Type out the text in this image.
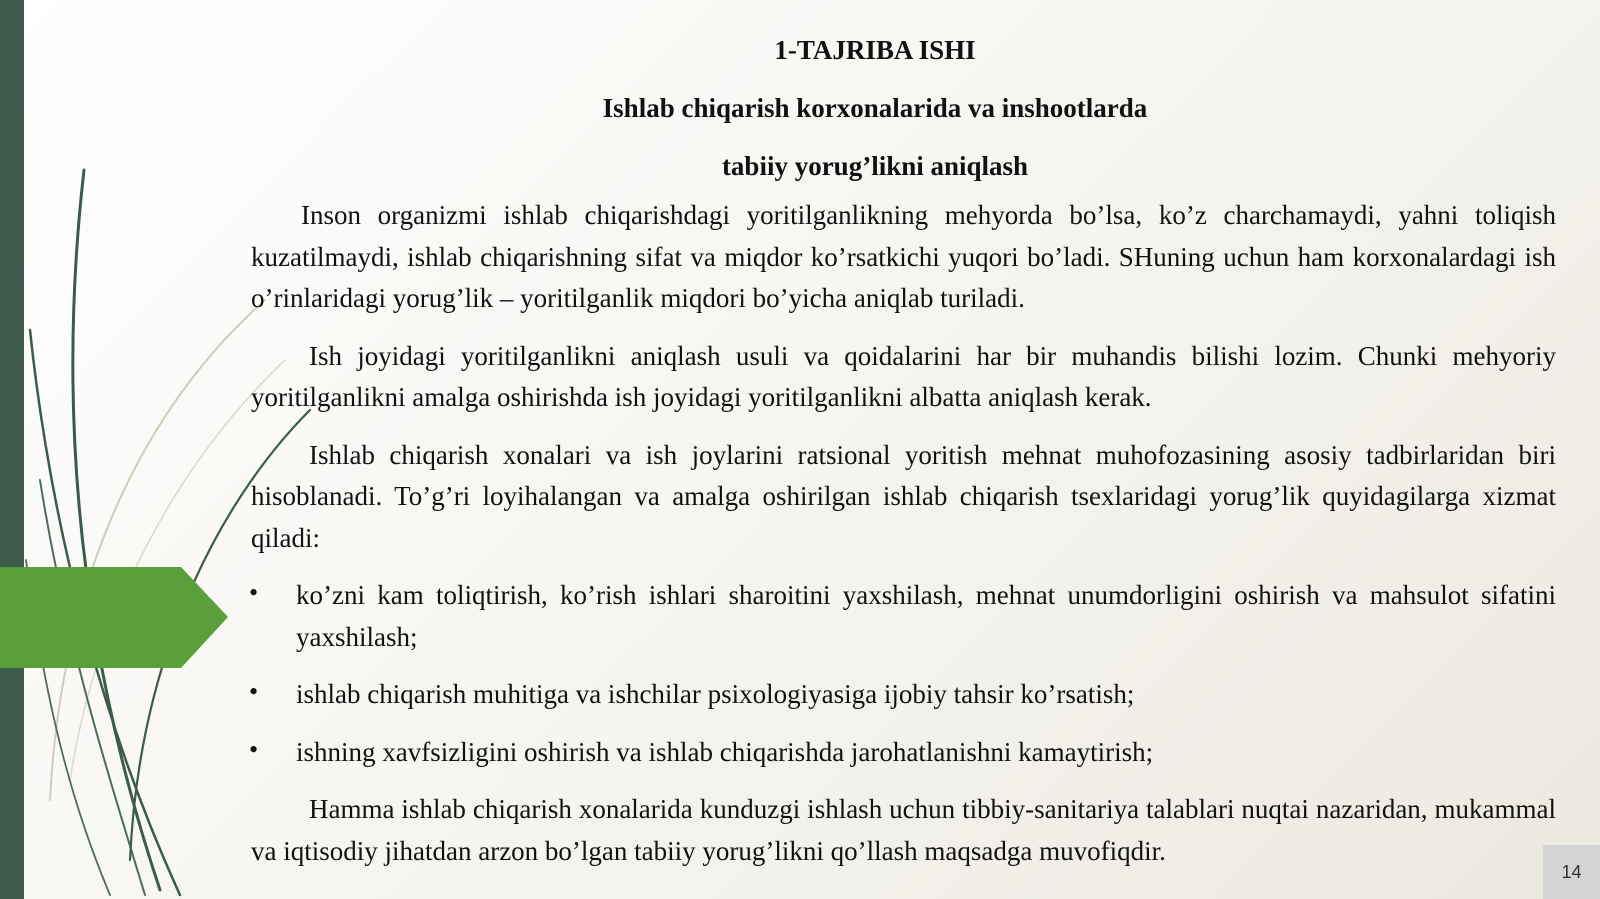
1-TAJRIBA ISHI
Ishlab chiqarish korxonalarida va inshootlarda
tabiiy yorug’likni aniqlash

Inson organizmi ishlab chiqarishdagi yoritilganlikning mehyorda bo’lsa, ko’z charchamaydi, yahni toliqish kuzatilmaydi, ishlab chiqarishning sifat va miqdor ko’rsatkichi yuqori bo’ladi. SHuning uchun ham korxonalardagi ish o’rinlaridagi yorug’lik – yoritilganlik miqdori bo’yicha aniqlab turiladi.

Ish joyidagi yoritilganlikni aniqlash usuli va qoidalarini har bir muhandis bilishi lozim. Chunki mehyoriy yoritilganlikni amalga oshirishda ish joyidagi yoritilganlikni albatta aniqlash kerak.

Ishlab chiqarish xonalari va ish joylarini ratsional yoritish mehnat muhofozasining asosiy tadbirlaridan biri hisoblanadi. To’g’ri loyihalangan va amalga oshirilgan ishlab chiqarish tsexlaridagi yorug’lik quyidagilarga xizmat qiladi:

• ko’zni kam toliqtirish, ko’rish ishlari sharoitini yaxshilash, mehnat unumdorligini oshirish va mahsulot sifatini yaxshilash;
• ishlab chiqarish muhitiga va ishchilar psixologiyasiga ijobiy tahsir ko’rsatish;
• ishning xavfsizligini oshirish va ishlab chiqarishda jarohatlanishni kamaytirish;

Hamma ishlab chiqarish xonalarida kunduzgi ishlash uchun tibbiy-sanitariya talablari nuqtai nazaridan, mukammal va iqtisodiy jihatdan arzon bo’lgan tabiiy yorug’likni qo’llash maqsadga muvofiqdir.

14
